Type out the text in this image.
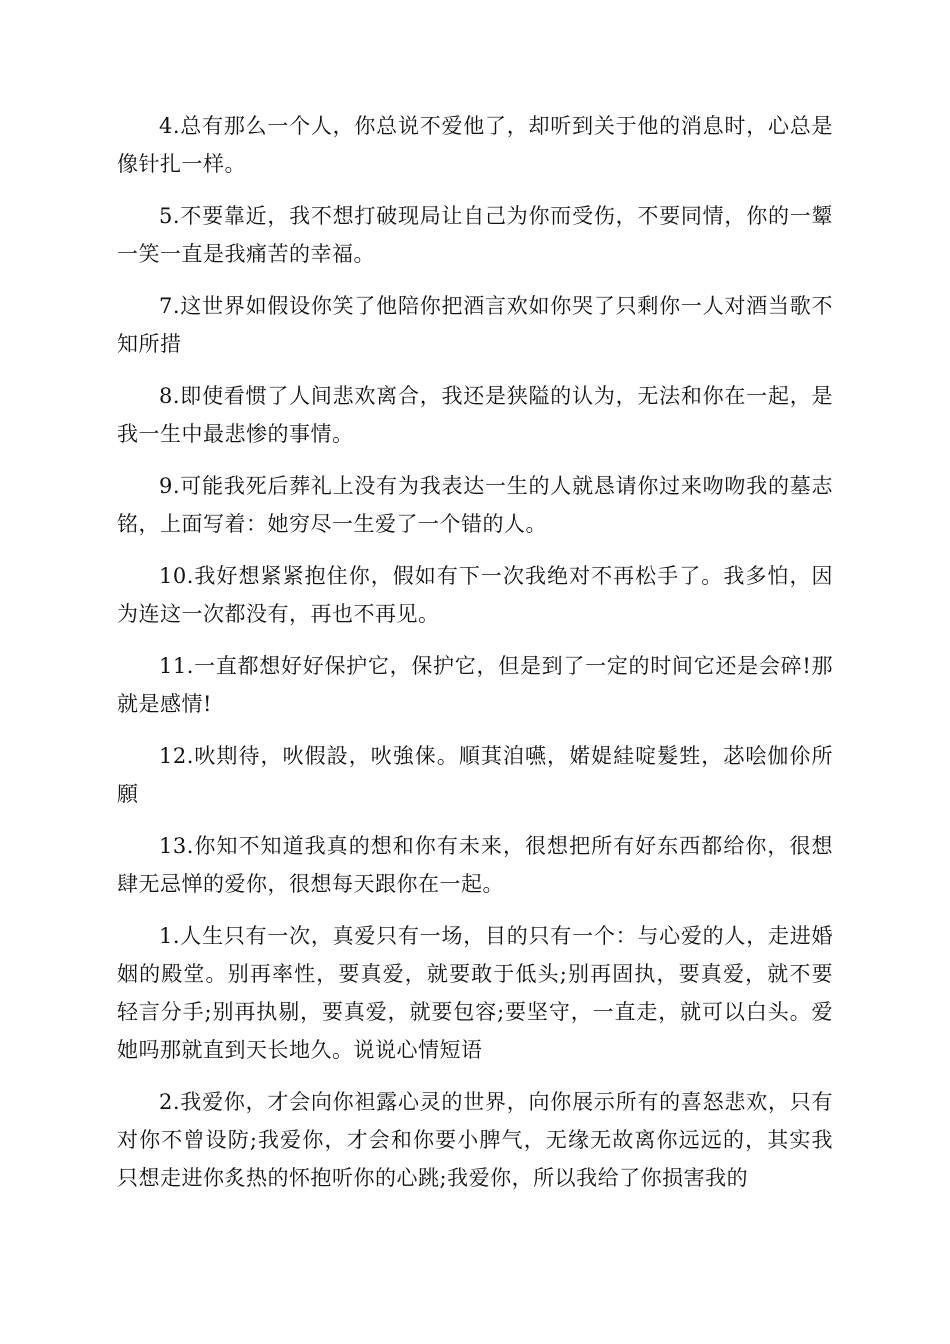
4.总有那么一个人，你总说不爱他了，却听到关于他的消息时，心总是像针扎一样。

5.不要靠近，我不想打破现局让自己为你而受伤，不要同情，你的一颦一笑一直是我痛苦的幸福。

7.这世界如假设你笑了他陪你把酒言欢如你哭了只剩你一人对酒当歌不知所措

8.即使看惯了人间悲欢离合，我还是狭隘的认为，无法和你在一起，是我一生中最悲惨的事情。

9.可能我死后葬礼上没有为我表达一生的人就恳请你过来吻吻我的墓志铭，上面写着：她穷尽一生爱了一个错的人。

10.我好想紧紧抱住你，假如有下一次我绝对不再松手了。我多怕，因为连这一次都没有，再也不再见。

11.一直都想好好保护它，保护它，但是到了一定的时间它还是会碎!那就是感情!

12.吙剘待，吙假設，吙強俫。順萁洎嚥，婼媞絓啶髮甡，苾哙伽伱所願

13.你知不知道我真的想和你有未来，很想把所有好东西都给你，很想肆无忌惮的爱你，很想每天跟你在一起。

1.人生只有一次，真爱只有一场，目的只有一个：与心爱的人，走进婚姻的殿堂。别再率性，要真爱，就要敢于低头;别再固执，要真爱，就不要轻言分手;别再执剔，要真爱，就要包容;要坚守，一直走，就可以白头。爱她吗那就直到天长地久。说说心情短语

2.我爱你，才会向你袒露心灵的世界，向你展示所有的喜怒悲欢，只有对你不曾设防;我爱你，才会和你要小脾气，无缘无故离你远远的，其实我只想走进你炙热的怀抱听你的心跳;我爱你，所以我给了你损害我的
